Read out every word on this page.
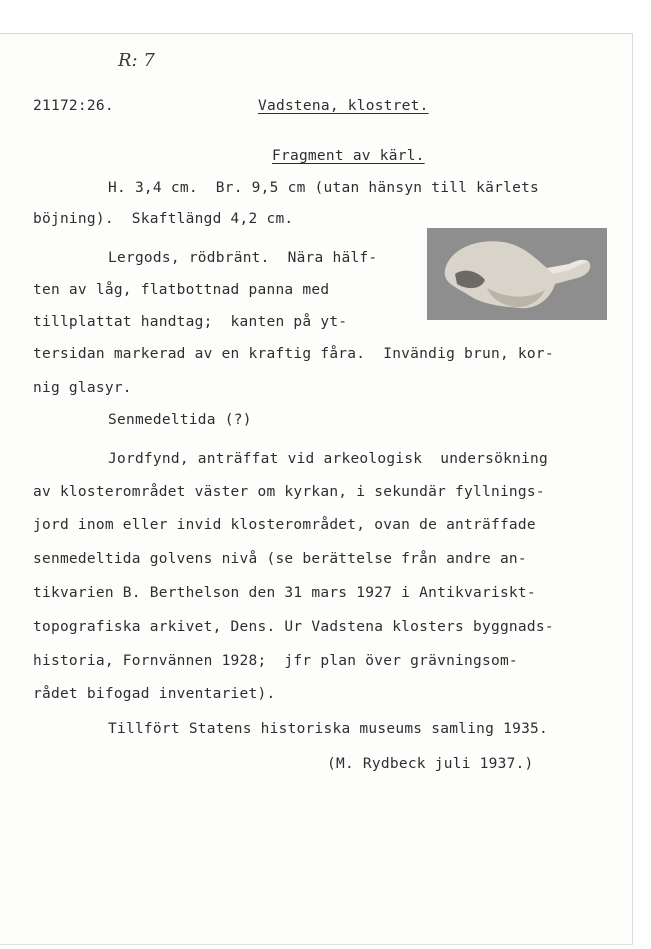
R: 7
21172:26.	Vadstena, klostret.
Fragment av kärl.
H. 3,4 cm.  Br. 9,5 cm (utan hänsyn till kärlets
böjning).  Skaftlängd 4,2 cm.
Lergods, rödbränt.  Nära hälf-
ten av låg, flatbottnad panna med
tillplattat handtag;  kanten på yt-
tersidan markerad av en kraftig fåra.  Invändig brun, kor-
nig glasyr.
Senmedeltida (?)
Jordfynd, anträffat vid arkeologisk  undersökning
av klosterområdet väster om kyrkan, i sekundär fyllnings-
jord inom eller invid klosterområdet, ovan de anträffade
senmedeltida golvens nivå (se berättelse från andre an-
tikvarien B. Berthelson den 31 mars 1927 i Antikvariskt-
topografiska arkivet, Dens. Ur Vadstena klosters byggnads-
historia, Fornvännen 1928;  jfr plan över grävningsom-
rådet bifogad inventariet).
Tillfört Statens historiska museums samling 1935.
(M. Rydbeck juli 1937.)
